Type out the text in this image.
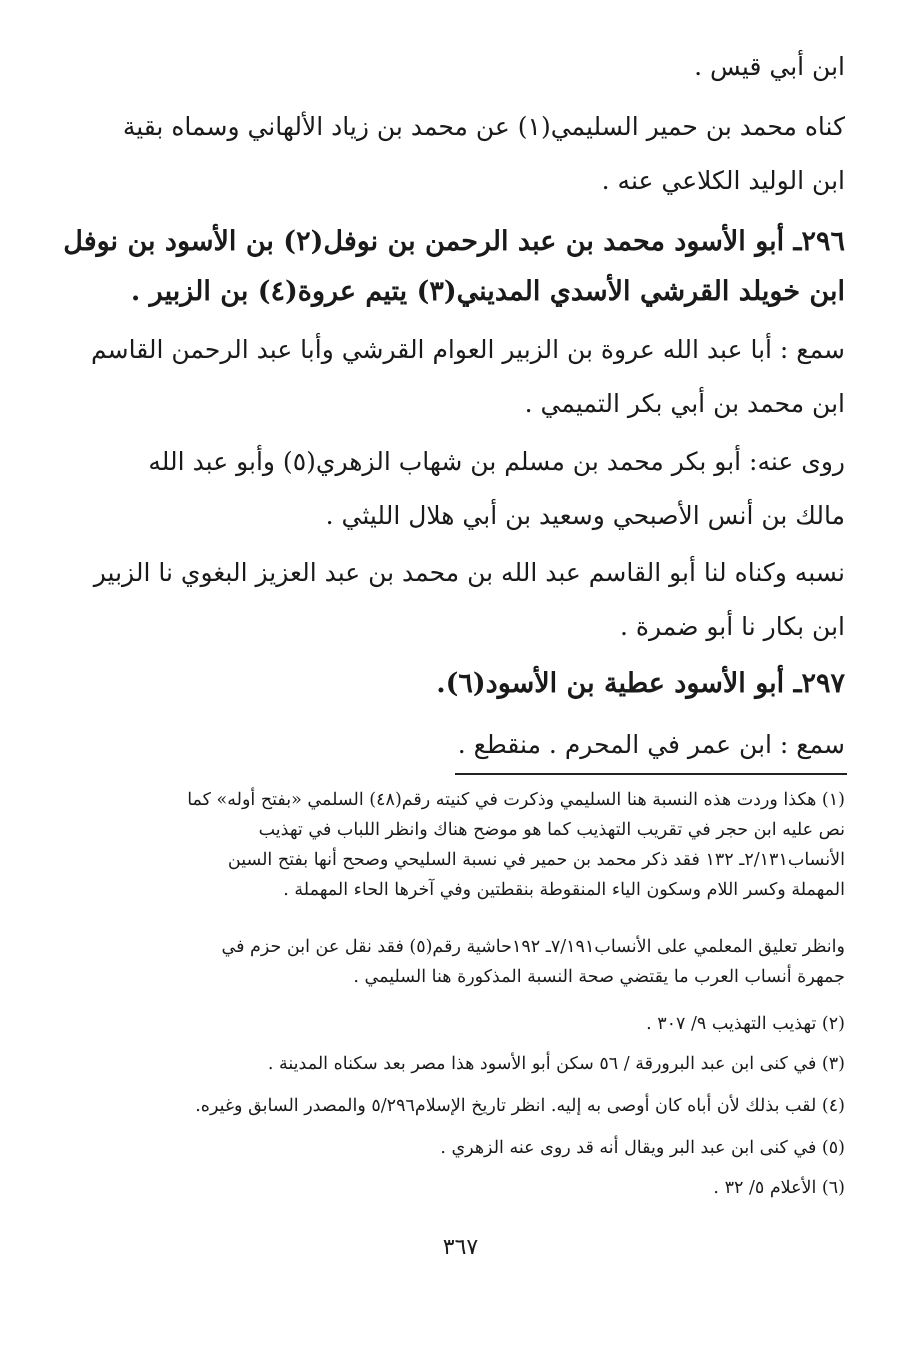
ابن أبي قيس .
كناه محمد بن حمير السليمي(١) عن محمد بن زياد الألهاني وسماه بقية
ابن الوليد الكلاعي عنه .
٢٩٦ـ أبو الأسود محمد بن عبد الرحمن بن نوفل(٢) بن الأسود بن نوفل
ابن خويلد القرشي الأسدي المديني(٣) يتيم عروة(٤) بن الزبير .
سمع : أبا عبد الله عروة بن الزبير العوام القرشي وأبا عبد الرحمن القاسم
ابن محمد بن أبي بكر التميمي .
روى عنه: أبو بكر محمد بن مسلم بن شهاب الزهري(٥) وأبو عبد الله
مالك بن أنس الأصبحي وسعيد بن أبي هلال الليثي .
نسبه وكناه لنا أبو القاسم عبد الله بن محمد بن عبد العزيز البغوي نا الزبير
ابن بكار نا أبو ضمرة .
٢٩٧ـ أبو الأسود عطية بن الأسود(٦).
سمع : ابن عمر في المحرم . منقطع .
(١) هكذا وردت هذه النسبة هنا السليمي وذكرت في كنيته رقم(٤٨) السلمي «بفتح أوله» كما
نص عليه ابن حجر في تقريب التهذيب كما هو موضح هناك وانظر اللباب في تهذيب
الأنساب٢/١٣١ـ ١٣٢ فقد ذكر محمد بن حمير في نسبة السليحي وصحح أنها بفتح السين
المهملة وكسر اللام وسكون الياء المنقوطة بنقطتين وفي آخرها الحاء المهملة .
وانظر تعليق المعلمي على الأنساب٧/١٩١ـ ١٩٢حاشية رقم(٥) فقد نقل عن ابن حزم في
جمهرة أنساب العرب ما يقتضي صحة النسبة المذكورة هنا السليمي .
(٢) تهذيب التهذيب ٩/ ٣٠٧ .
(٣) في كنى ابن عبد البرورقة / ٥٦ سكن أبو الأسود هذا مصر بعد سكناه المدينة .
(٤) لقب بذلك لأن أباه كان أوصى به إليه. انظر تاريخ الإسلام٥/٢٩٦ والمصدر السابق وغيره.
(٥) في كنى ابن عبد البر ويقال أنه قد روى عنه الزهري .
(٦) الأعلام ٥/ ٣٢ .
٣٦٧
